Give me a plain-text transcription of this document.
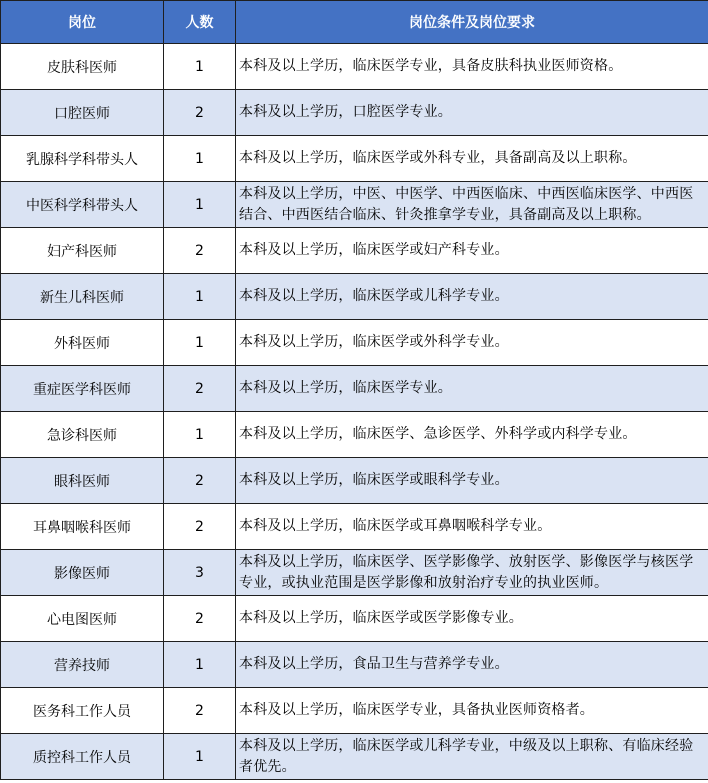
岗位	人数	岗位条件及岗位要求
皮肤科医师	1	本科及以上学历，临床医学专业，具备皮肤科执业医师资格。
口腔医师	2	本科及以上学历，口腔医学专业。
乳腺科学科带头人	1	本科及以上学历，临床医学或外科专业，具备副高及以上职称。
中医科学科带头人	1	本科及以上学历，中医、中医学、中西医临床、中西医临床医学、中西医结合、中西医结合临床、针灸推拿学专业，具备副高及以上职称。
妇产科医师	2	本科及以上学历，临床医学或妇产科专业。
新生儿科医师	1	本科及以上学历，临床医学或儿科学专业。
外科医师	1	本科及以上学历，临床医学或外科学专业。
重症医学科医师	2	本科及以上学历，临床医学专业。
急诊科医师	1	本科及以上学历，临床医学、急诊医学、外科学或内科学专业。
眼科医师	2	本科及以上学历，临床医学或眼科学专业。
耳鼻咽喉科医师	2	本科及以上学历，临床医学或耳鼻咽喉科学专业。
影像医师	3	本科及以上学历，临床医学、医学影像学、放射医学、影像医学与核医学专业，或执业范围是医学影像和放射治疗专业的执业医师。
心电图医师	2	本科及以上学历，临床医学或医学影像专业。
营养技师	1	本科及以上学历，食品卫生与营养学专业。
医务科工作人员	2	本科及以上学历，临床医学专业，具备执业医师资格者。
质控科工作人员	1	本科及以上学历，临床医学或儿科学专业，中级及以上职称、有临床经验者优先。
